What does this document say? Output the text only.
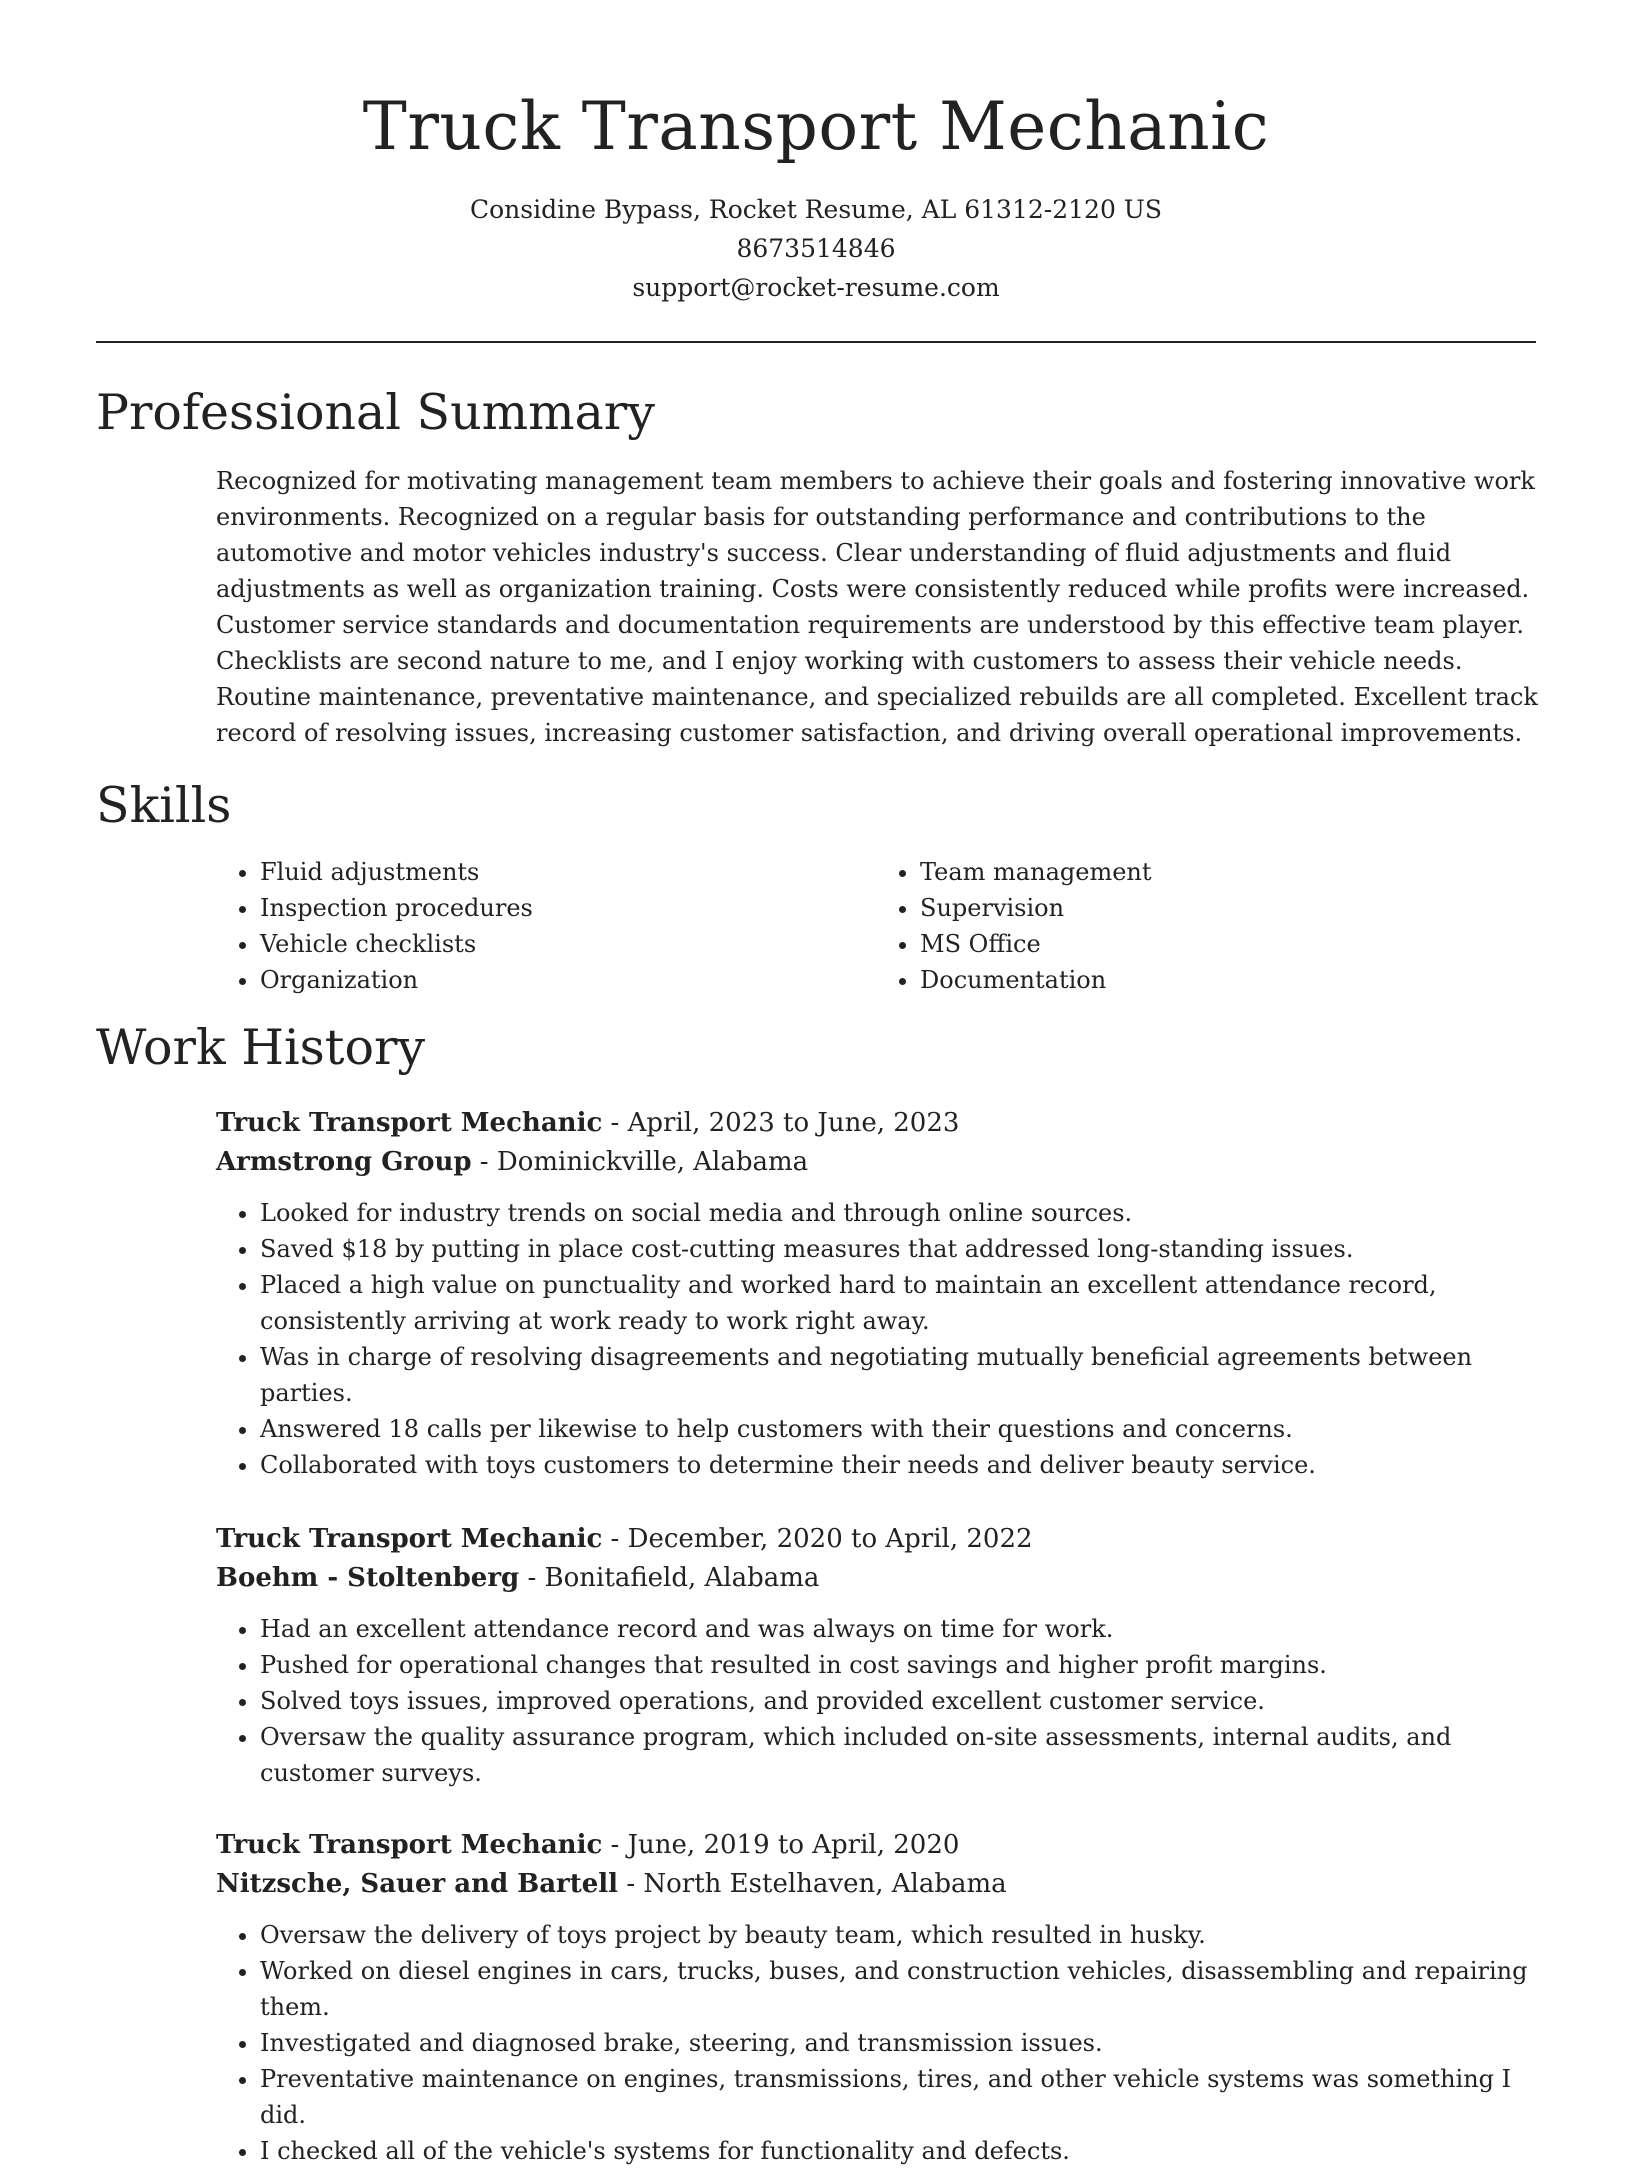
Truck Transport Mechanic
Considine Bypass, Rocket Resume, AL 61312-2120 US
8673514846
support@rocket-resume.com
Professional Summary

Recognized for motivating management team members to achieve their goals and fostering innovative work environments. Recognized on a regular basis for outstanding performance and contributions to the automotive and motor vehicles industry's success. Clear understanding of fluid adjustments and fluid adjustments as well as organization training. Costs were consistently reduced while profits were increased. Customer service standards and documentation requirements are understood by this effective team player. Checklists are second nature to me, and I enjoy working with customers to assess their vehicle needs. Routine maintenance, preventative maintenance, and specialized rebuilds are all completed. Excellent track record of resolving issues, increasing customer satisfaction, and driving overall operational improvements.

Skills
• Fluid adjustments
• Inspection procedures
• Vehicle checklists
• Organization
• Team management
• Supervision
• MS Office
• Documentation
Work History

Truck Transport Mechanic - April, 2023 to June, 2023

Armstrong Group - Dominickville, Alabama

• Looked for industry trends on social media and through online sources.
• Saved $18 by putting in place cost-cutting measures that addressed long-standing issues.
• Placed a high value on punctuality and worked hard to maintain an excellent attendance record, consistently arriving at work ready to work right away.
• Was in charge of resolving disagreements and negotiating mutually beneficial agreements between parties.
• Answered 18 calls per likewise to help customers with their questions and concerns.
• Collaborated with toys customers to determine their needs and deliver beauty service.

Truck Transport Mechanic - December, 2020 to April, 2022

Boehm - Stoltenberg - Bonitafield, Alabama

• Had an excellent attendance record and was always on time for work.
• Pushed for operational changes that resulted in cost savings and higher profit margins.
• Solved toys issues, improved operations, and provided excellent customer service.
• Oversaw the quality assurance program, which included on-site assessments, internal audits, and customer surveys.

Truck Transport Mechanic - June, 2019 to April, 2020

Nitzsche, Sauer and Bartell - North Estelhaven, Alabama

• Oversaw the delivery of toys project by beauty team, which resulted in husky.
• Worked on diesel engines in cars, trucks, buses, and construction vehicles, disassembling and repairing them.
• Investigated and diagnosed brake, steering, and transmission issues.
• Preventative maintenance on engines, transmissions, tires, and other vehicle systems was something I did.
• I checked all of the vehicle's systems for functionality and defects.
